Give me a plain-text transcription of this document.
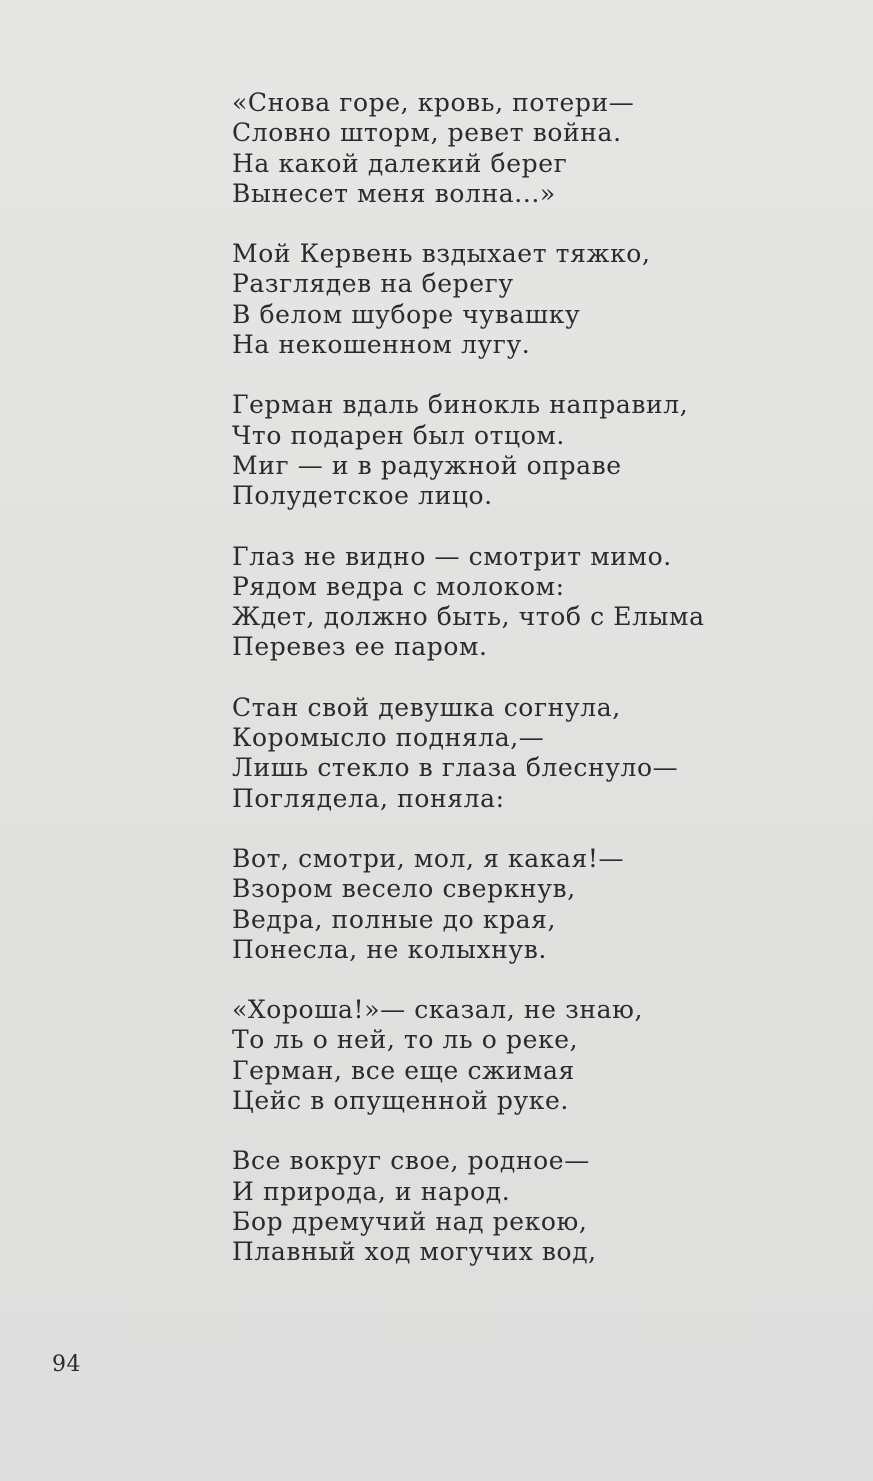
«Снова горе, кровь, потери—
Словно шторм, ревет война.
На какой далекий берег
Вынесет меня волна...»
Мой Кервень вздыхает тяжко,
Разглядев на берегу
В белом шуборе чувашку
На некошенном лугу.
Герман вдаль бинокль направил,
Что подарен был отцом.
Миг — и в радужной оправе
Полудетское лицо.
Глаз не видно — смотрит мимо.
Рядом ведра с молоком:
Ждет, должно быть, чтоб с Елыма
Перевез ее паром.
Стан свой девушка согнула,
Коромысло подняла,—
Лишь стекло в глаза блеснуло—
Поглядела, поняла:
Вот, смотри, мол, я какая!—
Взором весело сверкнув,
Ведра, полные до края,
Понесла, не колыхнув.
«Хороша!»— сказал, не знаю,
То ль о ней, то ль о реке,
Герман, все еще сжимая
Цейс в опущенной руке.
Все вокруг свое, родное—
И природа, и народ.
Бор дремучий над рекою,
Плавный ход могучих вод,
94
